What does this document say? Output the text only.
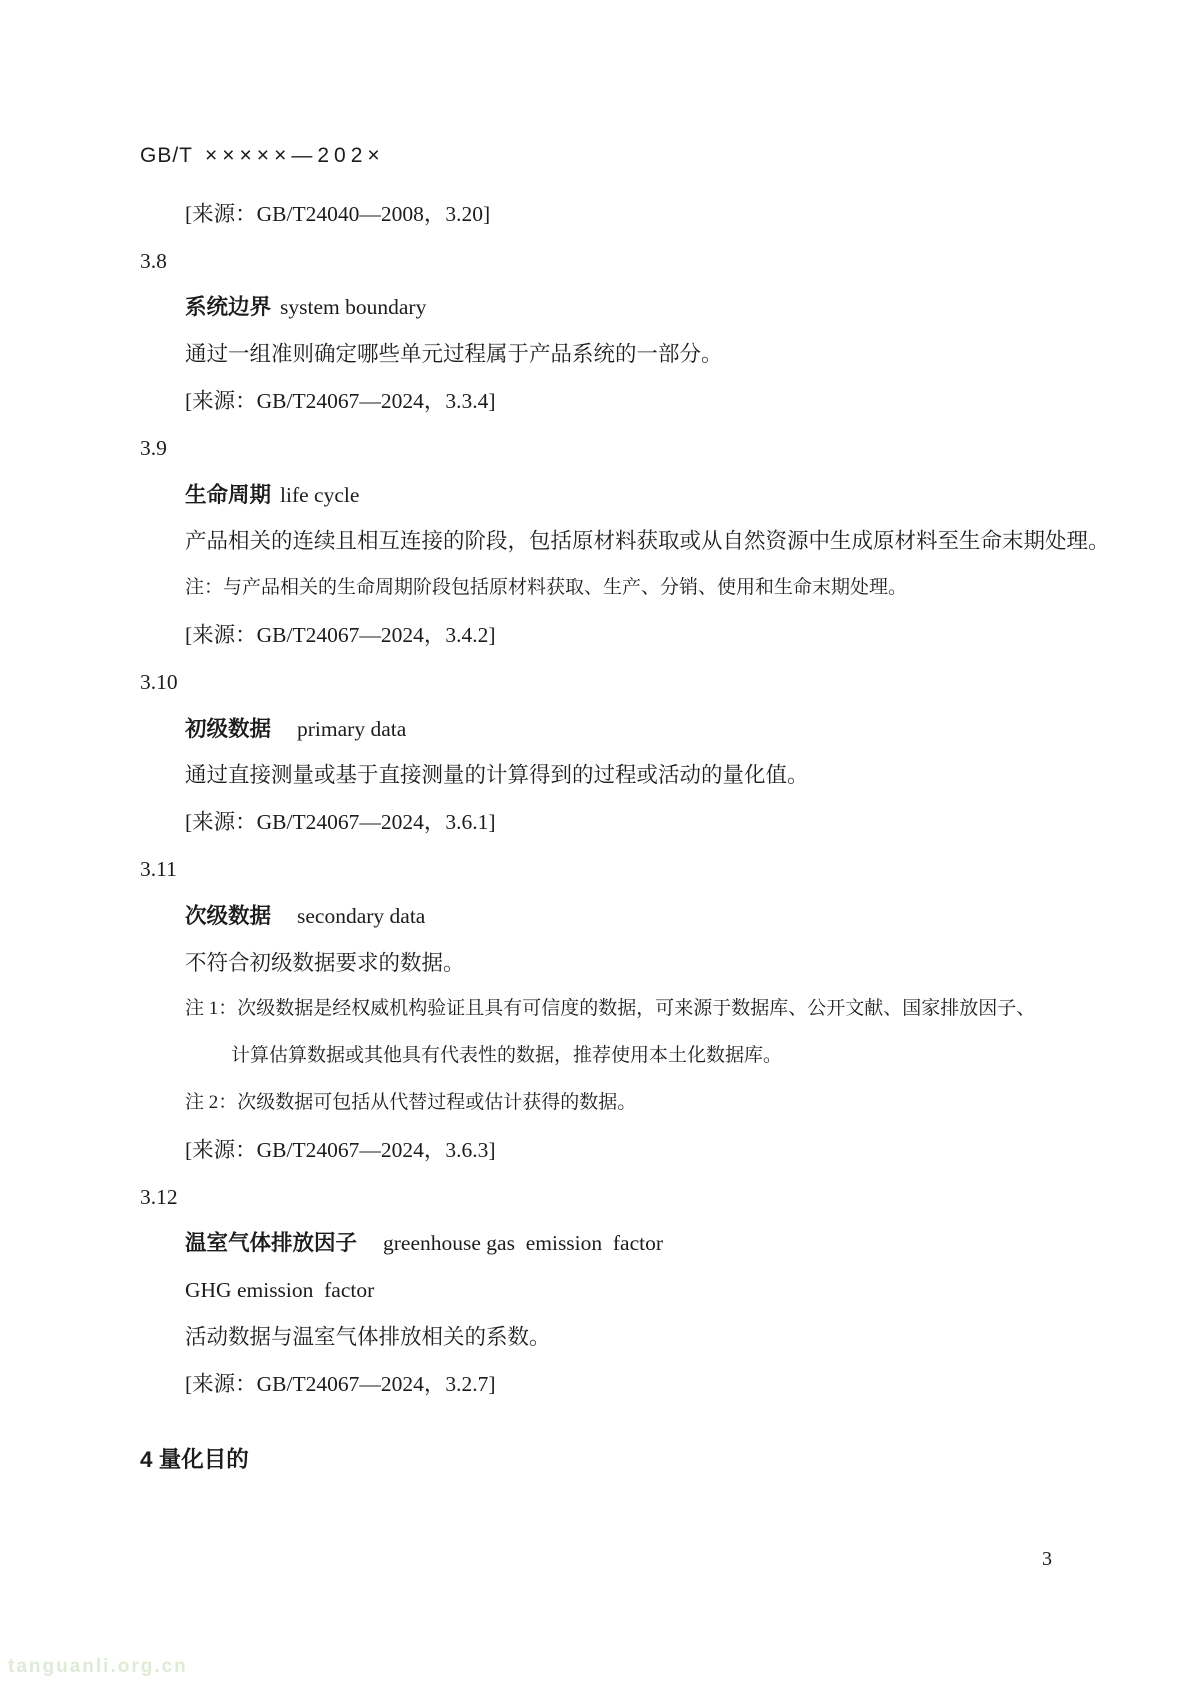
GB/T ×××××—202×
[来源：GB/T24040—2008，3.20]
3.8
系统边界 system boundary
通过一组准则确定哪些单元过程属于产品系统的一部分。
[来源：GB/T24067—2024，3.3.4]
3.9
生命周期 life cycle
产品相关的连续且相互连接的阶段，包括原材料获取或从自然资源中生成原材料至生命末期处理。
注：与产品相关的生命周期阶段包括原材料获取、生产、分销、使用和生命末期处理。
[来源：GB/T24067—2024，3.4.2]
3.10
初级数据 primary data
通过直接测量或基于直接测量的计算得到的过程或活动的量化值。
[来源：GB/T24067—2024，3.6.1]
3.11
次级数据 secondary data
不符合初级数据要求的数据。
注 1：次级数据是经权威机构验证且具有可信度的数据，可来源于数据库、公开文献、国家排放因子、
计算估算数据或其他具有代表性的数据，推荐使用本土化数据库。
注 2：次级数据可包括从代替过程或估计获得的数据。
[来源：GB/T24067—2024，3.6.3]
3.12
温室气体排放因子 greenhouse gas  emission  factor
GHG emission  factor
活动数据与温室气体排放相关的系数。
[来源：GB/T24067—2024，3.2.7]
4 量化目的
3
tanguanli.org.cn
